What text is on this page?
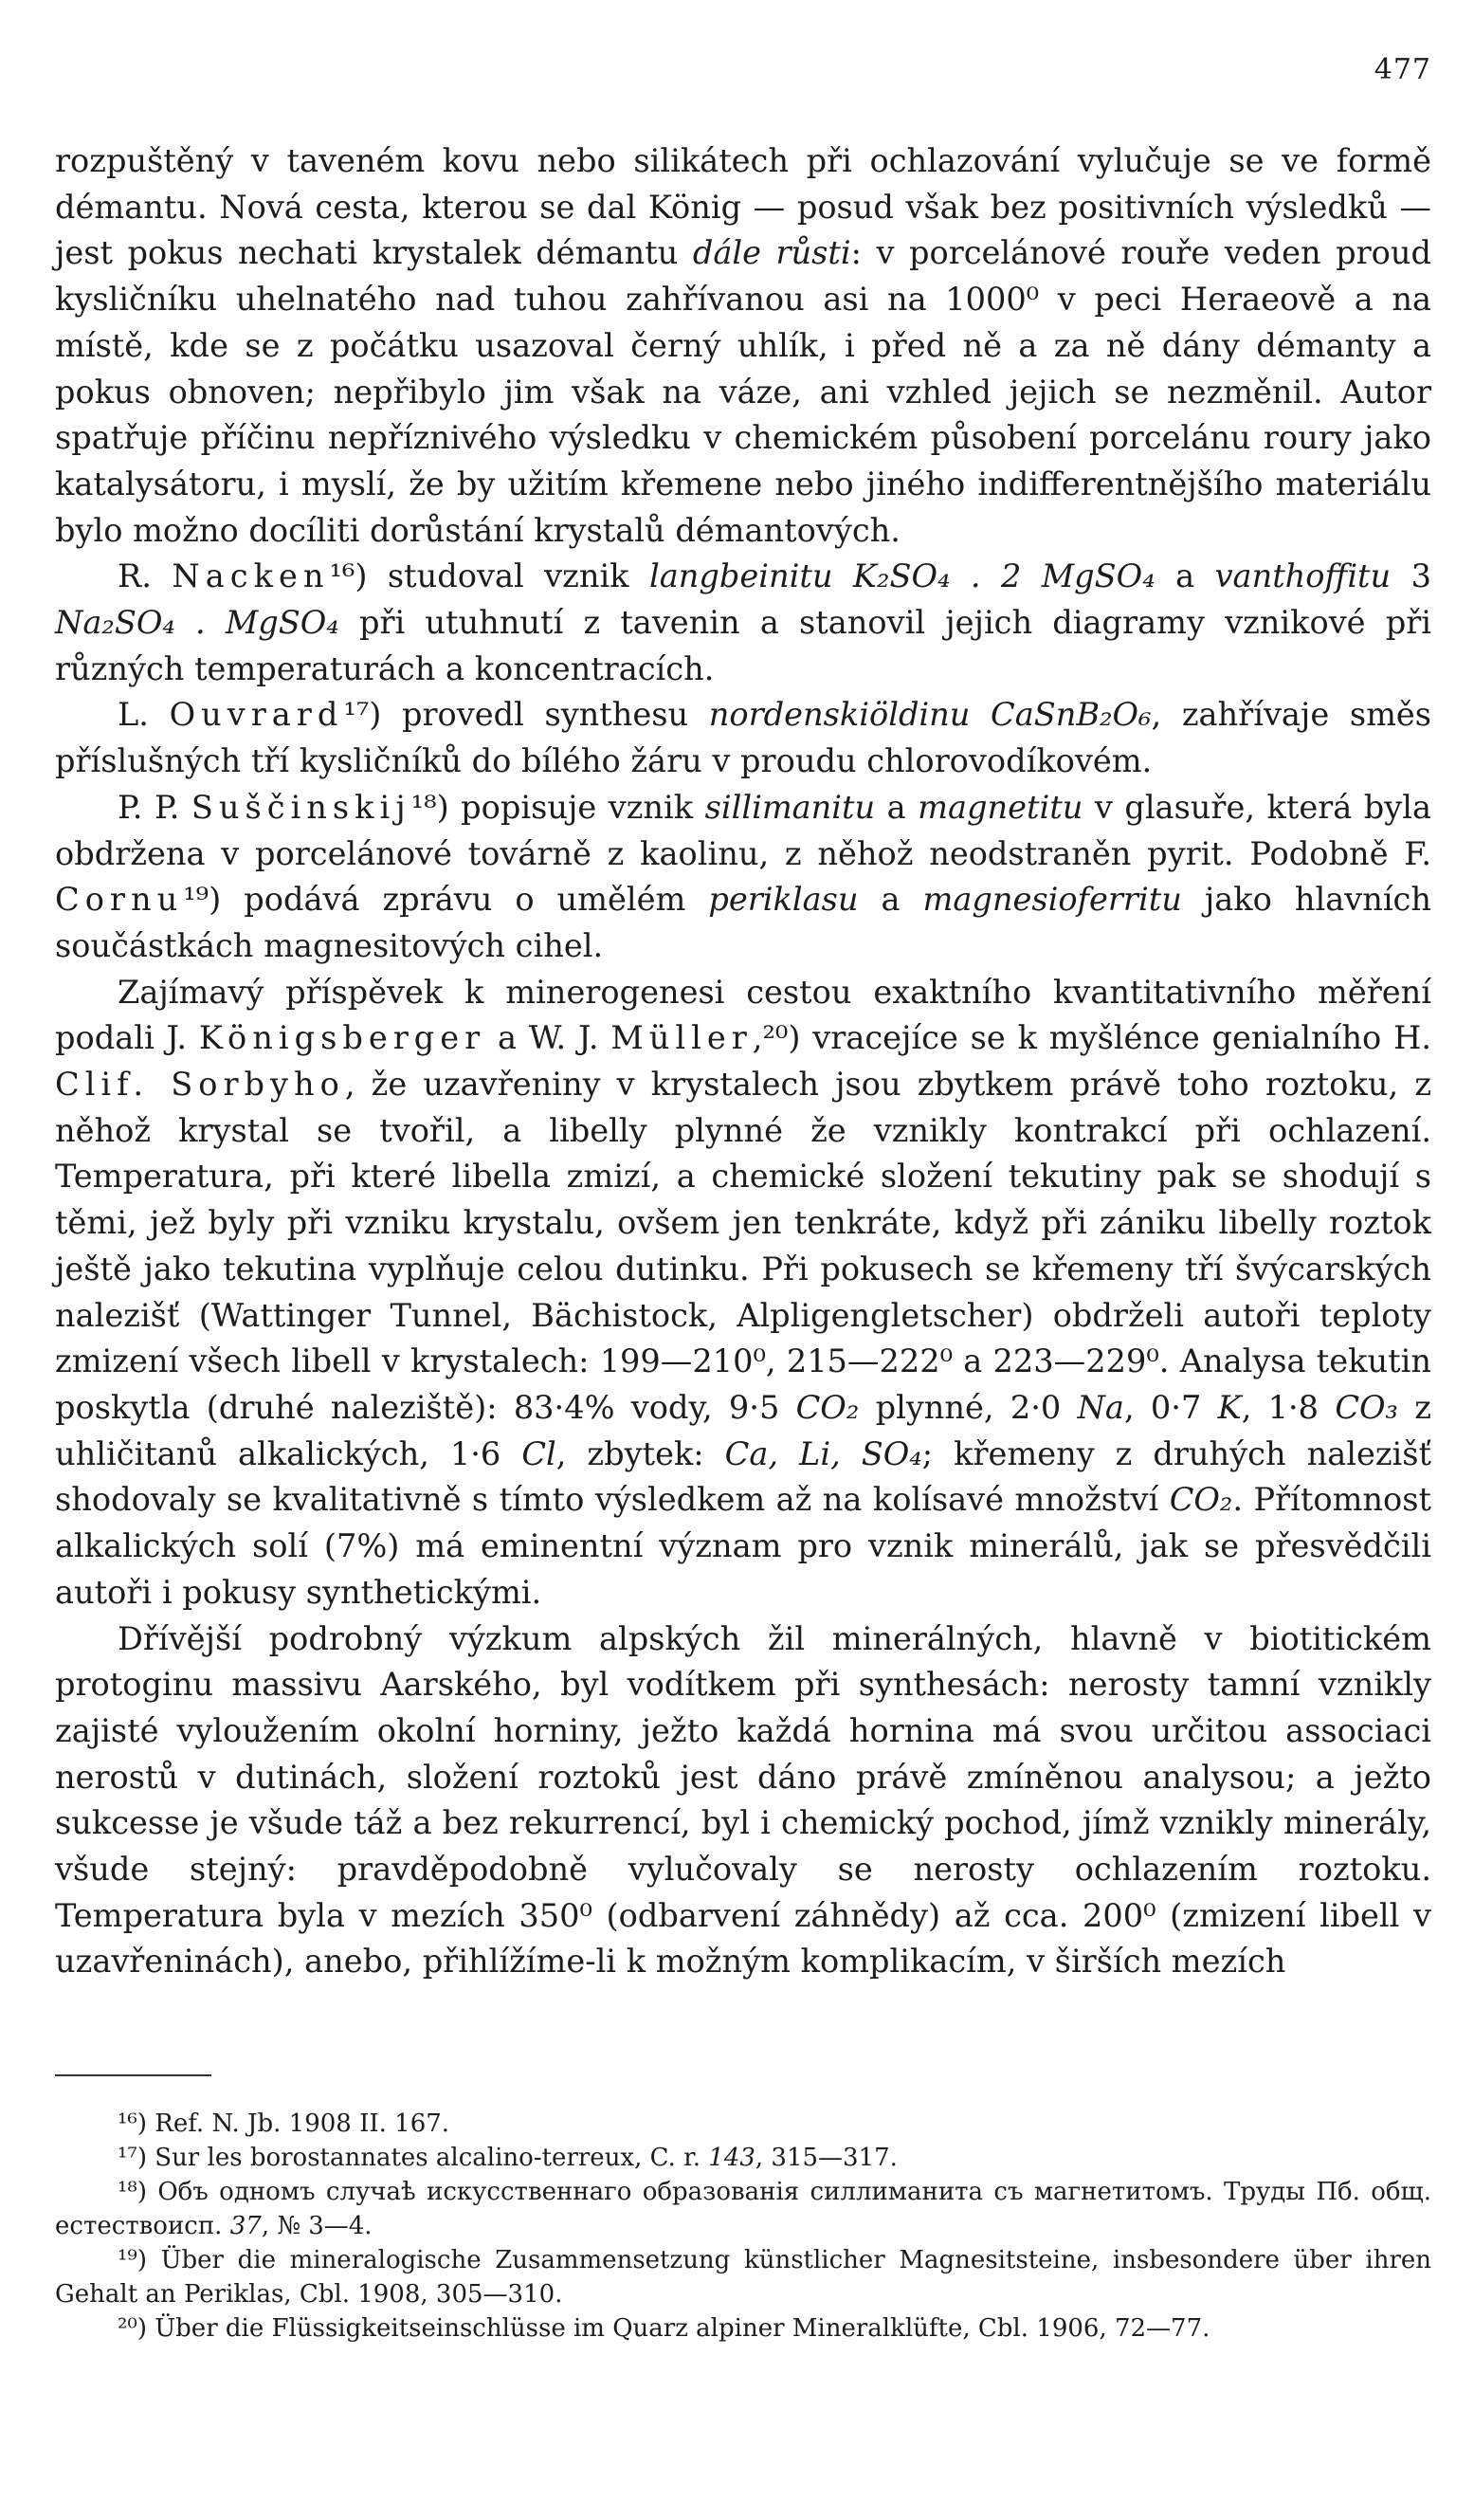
477

rozpuštěný v taveném kovu nebo silikátech při ochlazování vylučuje se ve formě démantu. Nová cesta, kterou se dal König — posud však bez positivních výsledků — jest pokus nechati krystalek démantu dále růsti: v porcelánové rouře veden proud kysličníku uhelnatého nad tuhou zahřívanou asi na 1000⁰ v peci Heraeově a na místě, kde se z počátku usazoval černý uhlík, i před ně a za ně dány démanty a pokus obnoven; nepřibylo jim však na váze, ani vzhled jejich se nezměnil. Autor spatřuje příčinu nepříznivého výsledku v chemickém působení porcelánu roury jako katalysátoru, i myslí, že by užitím křemene nebo jiného indifferentnějšího materiálu bylo možno docíliti dorůstání krystalů démantových.

R. Nacken¹⁶) studoval vznik langbeinitu K₂SO₄ . 2 MgSO₄ a vanthoffitu 3 Na₂SO₄ . MgSO₄ při utuhnutí z tavenin a stanovil jejich diagramy vznikové při různých temperaturách a koncentracích.

L. Ouvrard¹⁷) provedl synthesu nordenskiöldinu CaSnB₂O₆, zahřívaje směs příslušných tří kysličníků do bílého žáru v proudu chlorovodíkovém.

P. P. Suščinskij¹⁸) popisuje vznik sillimanitu a magnetitu v glasuře, která byla obdržena v porcelánové továrně z kaolinu, z něhož neodstraněn pyrit. Podobně F. Cornu¹⁹) podává zprávu o umělém periklasu a magnesioferritu jako hlavních součástkách magnesitových cihel.

Zajímavý příspěvek k minerogenesi cestou exaktního kvantitativního měření podali J. Königsberger a W. J. Müller,²⁰) vracejíce se k myšlénce genialního H. Clif. Sorbyho, že uzavřeniny v krystalech jsou zbytkem právě toho roztoku, z něhož krystal se tvořil, a libelly plynné že vznikly kontrakcí při ochlazení. Temperatura, při které libella zmizí, a chemické složení tekutiny pak se shodují s těmi, jež byly při vzniku krystalu, ovšem jen tenkráte, když při zániku libelly roztok ještě jako tekutina vyplňuje celou dutinku. Při pokusech se křemeny tří švýcarských nalezišť (Wattinger Tunnel, Bächistock, Alpligengletscher) obdrželi autoři teploty zmizení všech libell v krystalech: 199—210⁰, 215—222⁰ a 223—229⁰. Analysa tekutin poskytla (druhé naleziště): 83·4% vody, 9·5 CO₂ plynné, 2·0 Na, 0·7 K, 1·8 CO₃ z uhličitanů alkalických, 1·6 Cl, zbytek: Ca, Li, SO₄; křemeny z druhých nalezišť shodovaly se kvalitativně s tímto výsledkem až na kolísavé množství CO₂. Přítomnost alkalických solí (7%) má eminentní význam pro vznik minerálů, jak se přesvědčili autoři i pokusy synthetickými.

Dřívější podrobný výzkum alpských žil minerálných, hlavně v biotitickém protoginu massivu Aarského, byl vodítkem při synthesách: nerosty tamní vznikly zajisté vyloužením okolní horniny, ježto každá hornina má svou určitou associaci nerostů v dutinách, složení roztoků jest dáno právě zmíněnou analysou; a ježto sukcesse je všude táž a bez rekurrencí, byl i chemický pochod, jímž vznikly minerály, všude stejný: pravděpodobně vylučovaly se nerosty ochlazením roztoku. Temperatura byla v mezích 350⁰ (odbarvení záhnědy) až cca. 200⁰ (zmizení libell v uzavřeninách), anebo, přihlížíme-li k možným komplikacím, v širších mezích

¹⁶) Ref. N. Jb. 1908 II. 167.

¹⁷) Sur les borostannates alcalino-terreux, C. r. 143, 315—317.

¹⁸) Объ одномъ случаѣ искусственнаго образованія силлиманита съ магнетитомъ. Труды Пб. общ. естествоисп. 37, № 3—4.

¹⁹) Über die mineralogische Zusammensetzung künstlicher Magnesitsteine, insbesondere über ihren Gehalt an Periklas, Cbl. 1908, 305—310.

²⁰) Über die Flüssigkeitseinschlüsse im Quarz alpiner Mineralklüfte, Cbl. 1906, 72—77.
